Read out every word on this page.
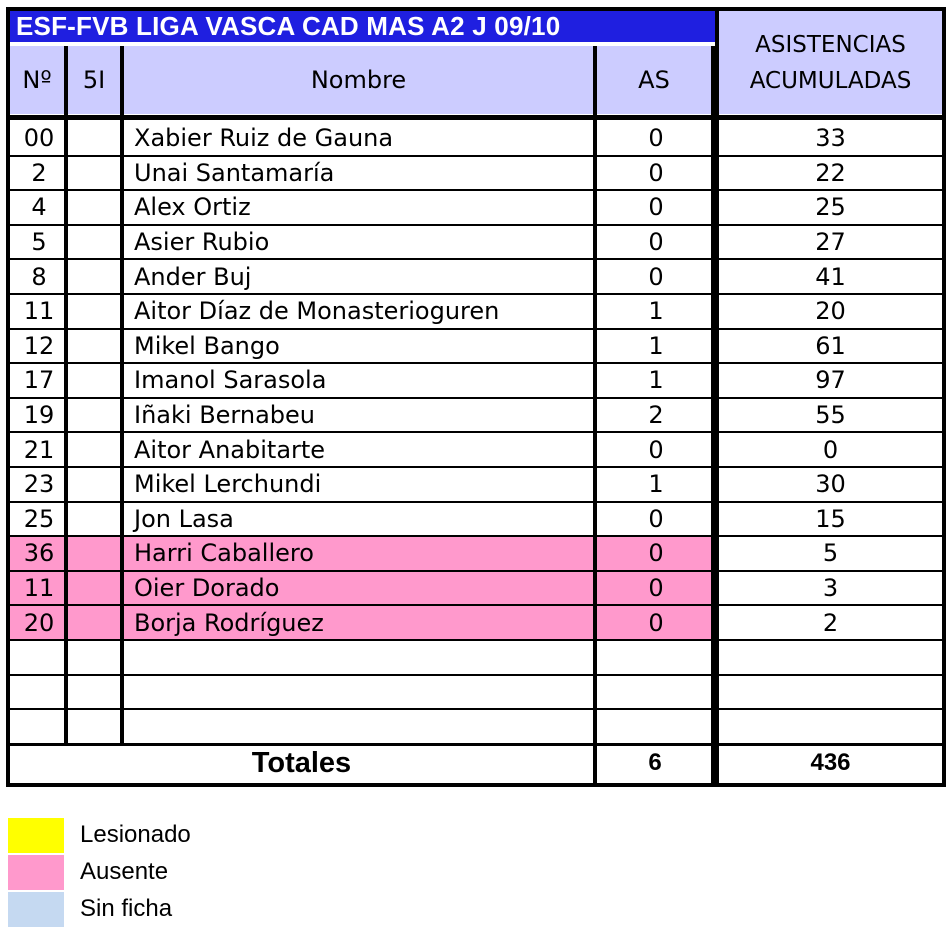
ESF-FVB LIGA VASCA CAD MAS A2 J 09/10
Nº	5I	Nombre	AS
ASISTENCIAS
ACUMULADAS
00	Xabier Ruiz de Gauna	0	33
2	Unai Santamaría	0	22
4	Alex Ortiz	0	25
5	Asier Rubio	0	27
8	Ander Buj	0	41
11	Aitor Díaz de Monasterioguren	1	20
12	Mikel Bango	1	61
17	Imanol Sarasola	1	97
19	Iñaki Bernabeu	2	55
21	Aitor Anabitarte	0	0
23	Mikel Lerchundi	1	30
25	Jon Lasa	0	15
36	Harri Caballero	0	5
11	Oier Dorado	0	3
20	Borja Rodríguez	0	2
Totales	6	436
Lesionado
Ausente
Sin ficha
